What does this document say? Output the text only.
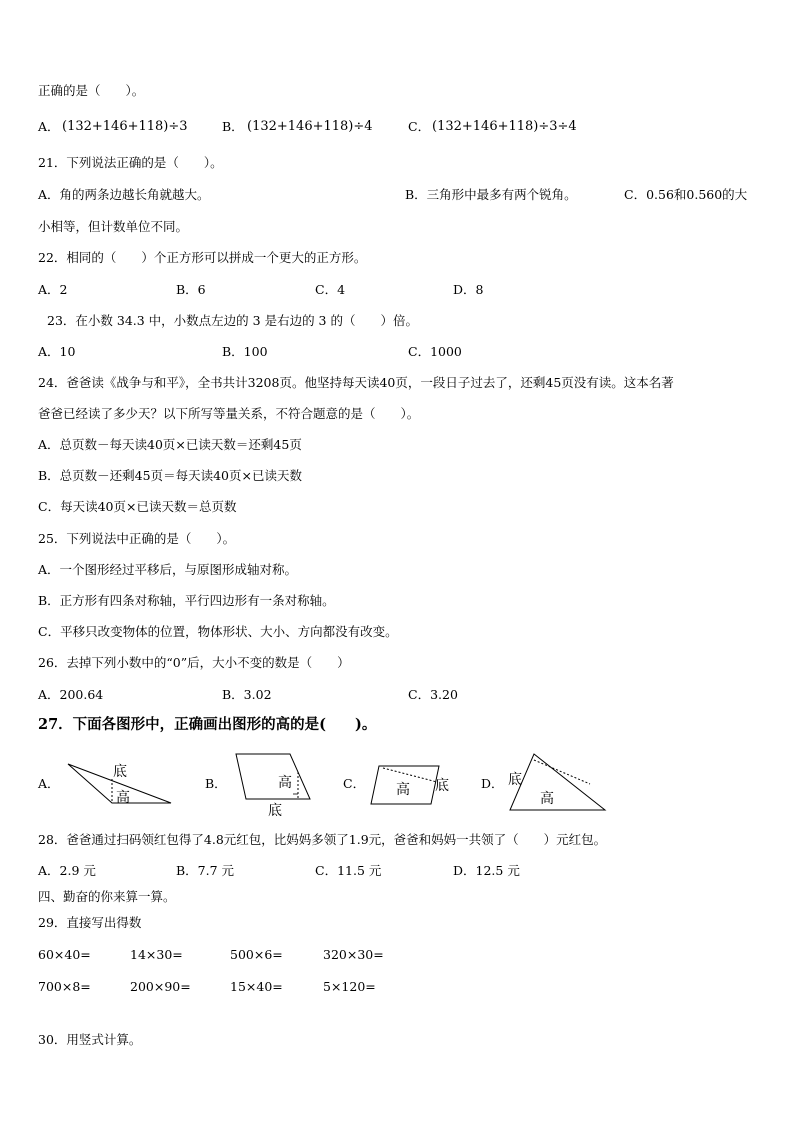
正确的是（　　）。
A． (132+146+118)÷3	B． (132+146+118)÷4	C． (132+146+118)÷3÷4
21．下列说法正确的是（　　）。
A．角的两条边越长角就越大。	B．三角形中最多有两个锐角。	C．0.56和0.560的大
小相等，但计数单位不同。
22．相同的（　　）个正方形可以拼成一个更大的正方形。
A．2	B．6	C．4	D．8
23．在小数 34.3 中，小数点左边的 3 是右边的 3 的（　　）倍。
A．10	B．100	C．1000
24．爸爸读《战争与和平》，全书共计3208页。他坚持每天读40页，一段日子过去了，还剩45页没有读。这本名著
爸爸已经读了多少天？以下所写等量关系，不符合题意的是（　　）。
A．总页数－每天读40页×已读天数＝还剩45页
B．总页数－还剩45页＝每天读40页×已读天数
C．每天读40页×已读天数＝总页数
25．下列说法中正确的是（　　）。
A．一个图形经过平移后，与原图形成轴对称。
B．正方形有四条对称轴，平行四边形有一条对称轴。
C．平移只改变物体的位置，物体形状、大小、方向都没有改变。
26．去掉下列小数中的“0”后，大小不变的数是（　　）
A．200.64	B．3.02	C．3.20
27．下面各图形中，正确画出图形的高的是(　　)。
A．	B．	C．	D．
底
高
高
底
高 底	底
高
28．爸爸通过扫码领红包得了4.8元红包，比妈妈多领了1.9元，爸爸和妈妈一共领了（　　）元红包。
A．2.9 元	B．7.7 元	C．11.5 元	D．12.5 元
四、勤奋的你来算一算。
29．直接写出得数
60×40=	14×30=	500×6=	320×30=
700×8=	200×90=	15×40=	5×120=
30．用竖式计算。
